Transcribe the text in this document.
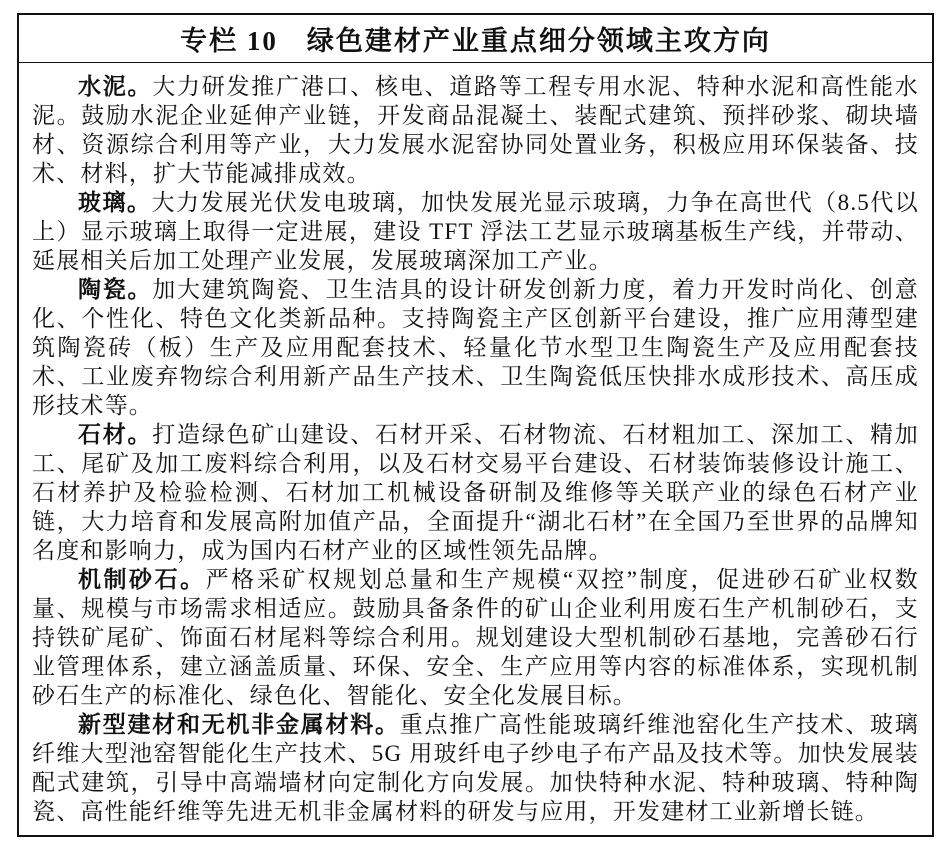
专栏 10　绿色建材产业重点细分领域主攻方向

水泥。大力研发推广港口、核电、道路等工程专用水泥、特种水泥和高性能水泥。鼓励水泥企业延伸产业链，开发商品混凝土、装配式建筑、预拌砂浆、砌块墙材、资源综合利用等产业，大力发展水泥窑协同处置业务，积极应用环保装备、技术、材料，扩大节能减排成效。

玻璃。大力发展光伏发电玻璃，加快发展光显示玻璃，力争在高世代（8.5代以上）显示玻璃上取得一定进展，建设 TFT 浮法工艺显示玻璃基板生产线，并带动、延展相关后加工处理产业发展，发展玻璃深加工产业。

陶瓷。加大建筑陶瓷、卫生洁具的设计研发创新力度，着力开发时尚化、创意化、个性化、特色文化类新品种。支持陶瓷主产区创新平台建设，推广应用薄型建筑陶瓷砖（板）生产及应用配套技术、轻量化节水型卫生陶瓷生产及应用配套技术、工业废弃物综合利用新产品生产技术、卫生陶瓷低压快排水成形技术、高压成形技术等。

石材。打造绿色矿山建设、石材开采、石材物流、石材粗加工、深加工、精加工、尾矿及加工废料综合利用，以及石材交易平台建设、石材装饰装修设计施工、石材养护及检验检测、石材加工机械设备研制及维修等关联产业的绿色石材产业链，大力培育和发展高附加值产品，全面提升“湖北石材”在全国乃至世界的品牌知名度和影响力，成为国内石材产业的区域性领先品牌。

机制砂石。严格采矿权规划总量和生产规模“双控”制度，促进砂石矿业权数量、规模与市场需求相适应。鼓励具备条件的矿山企业利用废石生产机制砂石，支持铁矿尾矿、饰面石材尾料等综合利用。规划建设大型机制砂石基地，完善砂石行业管理体系，建立涵盖质量、环保、安全、生产应用等内容的标准体系，实现机制砂石生产的标准化、绿色化、智能化、安全化发展目标。

新型建材和无机非金属材料。重点推广高性能玻璃纤维池窑化生产技术、玻璃纤维大型池窑智能化生产技术、5G 用玻纤电子纱电子布产品及技术等。加快发展装配式建筑，引导中高端墙材向定制化方向发展。加快特种水泥、特种玻璃、特种陶瓷、高性能纤维等先进无机非金属材料的研发与应用，开发建材工业新增长链。
